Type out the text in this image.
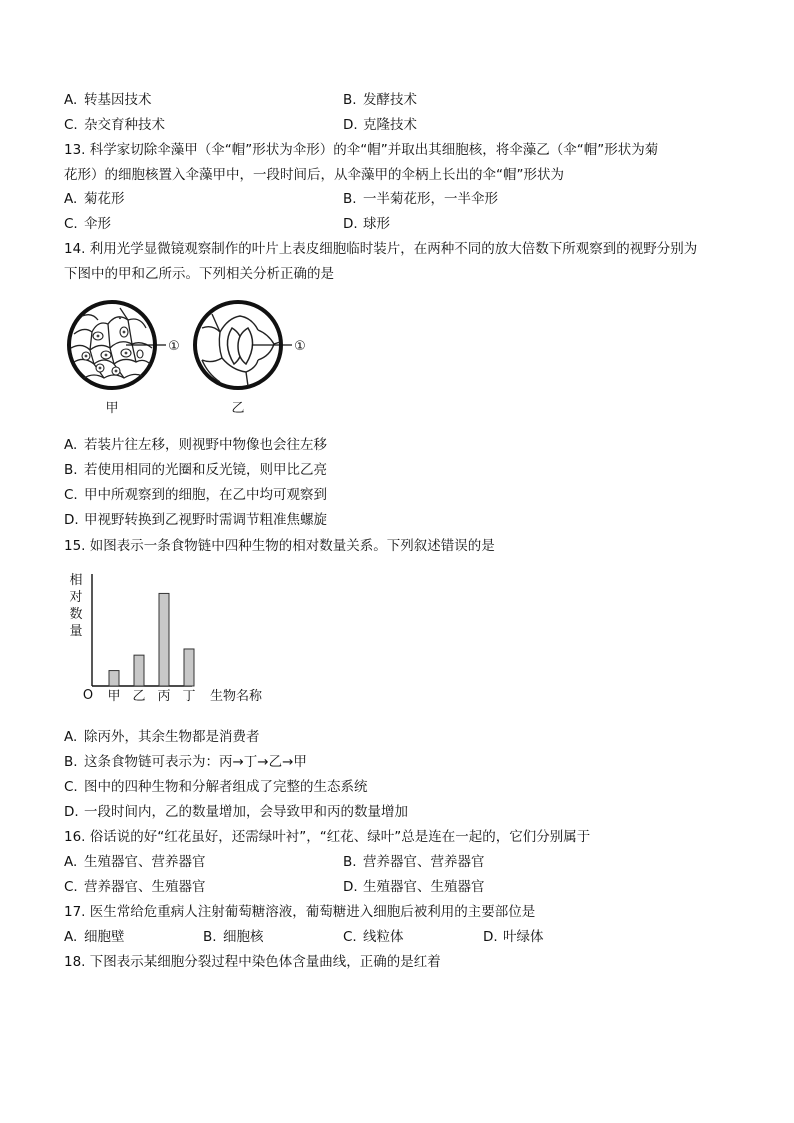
A. 转基因技术	B. 发酵技术
C. 杂交育种技术	D. 克隆技术
13. 科学家切除伞藻甲（伞“帽”形状为伞形）的伞“帽”并取出其细胞核，将伞藻乙（伞“帽”形状为菊
花形）的细胞核置入伞藻甲中，一段时间后，从伞藻甲的伞柄上长出的伞“帽”形状为
A. 菊花形	B. 一半菊花形，一半伞形
C. 伞形	D. 球形
14. 利用光学显微镜观察制作的叶片上表皮细胞临时装片，在两种不同的放大倍数下所观察到的视野分别为
下图中的甲和乙所示。下列相关分析正确的是
①
甲
①
乙
A. 若装片往左移，则视野中物像也会往左移
B. 若使用相同的光圈和反光镜，则甲比乙亮
C. 甲中所观察到的细胞，在乙中均可观察到
D. 甲视野转换到乙视野时需调节粗准焦螺旋
15. 如图表示一条食物链中四种生物的相对数量关系。下列叙述错误的是
相
对
数
量
O 甲 乙 丙 丁 生物名称
A. 除丙外，其余生物都是消费者
B. 这条食物链可表示为：丙→丁→乙→甲
C. 图中的四种生物和分解者组成了完整的生态系统
D. 一段时间内，乙的数量增加，会导致甲和丙的数量增加
16. 俗话说的好“红花虽好，还需绿叶衬”，“红花、绿叶”总是连在一起的，它们分别属于
A. 生殖器官、营养器官	B. 营养器官、营养器官
C. 营养器官、生殖器官	D. 生殖器官、生殖器官
17. 医生常给危重病人注射葡萄糖溶液，葡萄糖进入细胞后被利用的主要部位是
A. 细胞壁	B. 细胞核	C. 线粒体	D. 叶绿体
18. 下图表示某细胞分裂过程中染色体含量曲线，正确的是红着
